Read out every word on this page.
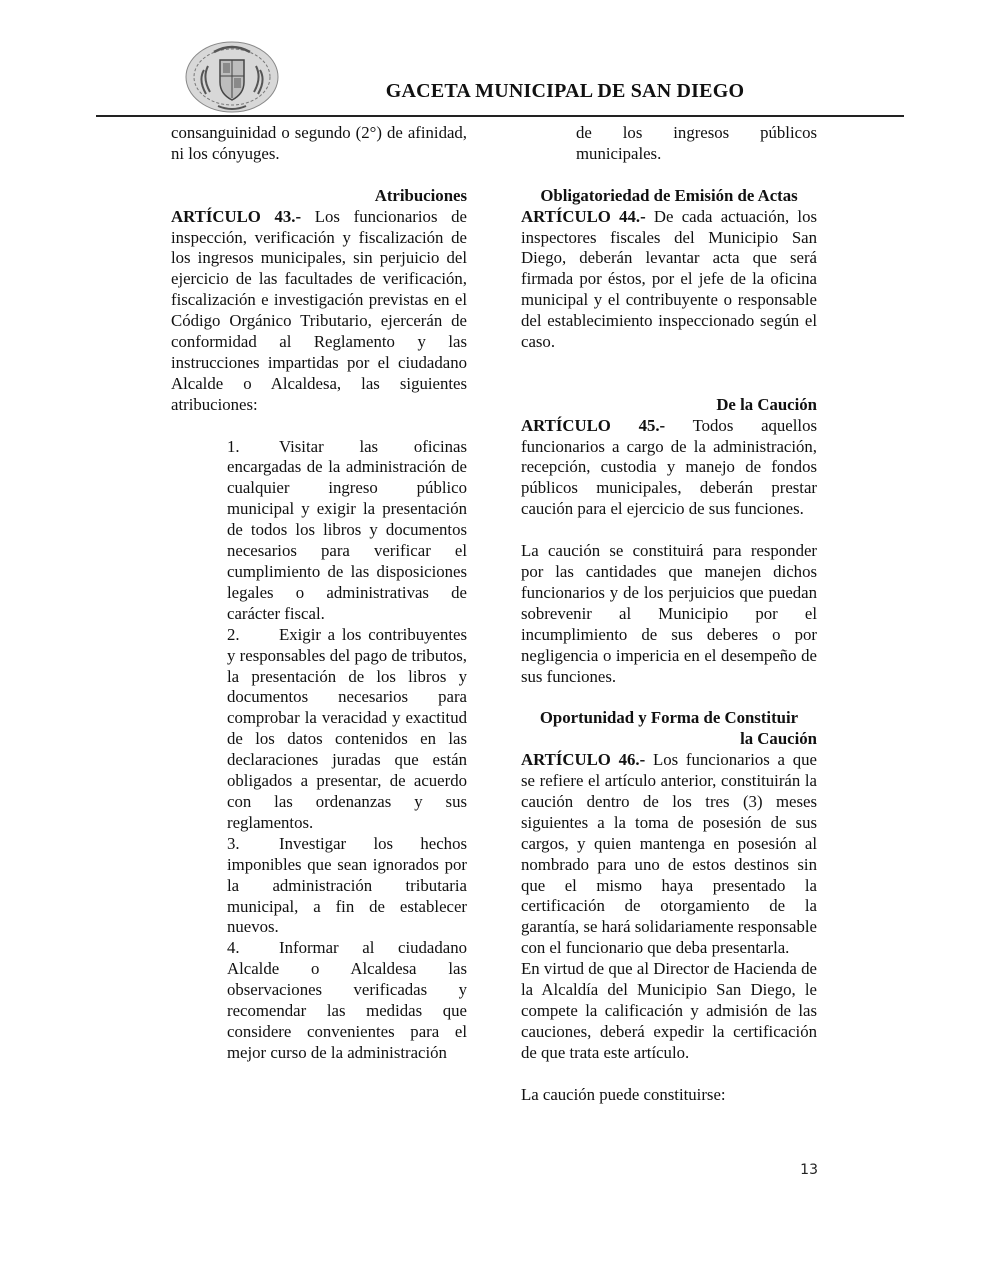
GACETA MUNICIPAL DE SAN DIEGO

consanguinidad o segundo (2°) de afinidad, ni los cónyuges.

Atribuciones

ARTÍCULO 43.- Los funcionarios de inspección, verificación y fiscalización de los ingresos municipales, sin perjuicio del ejercicio de las facultades de verificación, fiscalización e investigación previstas en el Código Orgánico Tributario, ejercerán de conformidad al Reglamento y las instrucciones impartidas por el ciudadano Alcalde o Alcaldesa, las siguientes atribuciones:

1. Visitar las oficinas encargadas de la administración de cualquier ingreso público municipal y exigir la presentación de todos los libros y documentos necesarios para verificar el cumplimiento de las disposiciones legales o administrativas de carácter fiscal.

2. Exigir a los contribuyentes y responsables del pago de tributos, la presentación de los libros y documentos necesarios para comprobar la veracidad y exactitud de los datos contenidos en las declaraciones juradas que están obligados a presentar, de acuerdo con las ordenanzas y sus reglamentos.

3. Investigar los hechos imponibles que sean ignorados por la administración tributaria municipal, a fin de establecer nuevos.

4. Informar al ciudadano Alcalde o Alcaldesa las observaciones verificadas y recomendar las medidas que considere convenientes para el mejor curso de la administración

de los ingresos públicos municipales.

Obligatoriedad de Emisión de Actas

ARTÍCULO 44.- De cada actuación, los inspectores fiscales del Municipio San Diego, deberán levantar acta que será firmada por éstos, por el jefe de la oficina municipal y el contribuyente o responsable del establecimiento inspeccionado según el caso.

De la Caución

ARTÍCULO 45.- Todos aquellos funcionarios a cargo de la administración, recepción, custodia y manejo de fondos públicos municipales, deberán prestar caución para el ejercicio de sus funciones.

La caución se constituirá para responder por las cantidades que manejen dichos funcionarios y de los perjuicios que puedan sobrevenir al Municipio por el incumplimiento de sus deberes o por negligencia o impericia en el desempeño de sus funciones.

Oportunidad y Forma de Constituir

la Caución

ARTÍCULO 46.- Los funcionarios a que se refiere el artículo anterior, constituirán la caución dentro de los tres (3) meses siguientes a la toma de posesión de sus cargos, y quien mantenga en posesión al nombrado para uno de estos destinos sin que el mismo haya presentado la certificación de otorgamiento de la garantía, se hará solidariamente responsable con el funcionario que deba presentarla.

En virtud de que al Director de Hacienda de la Alcaldía del Municipio San Diego, le compete la calificación y admisión de las cauciones, deberá expedir la certificación de que trata este artículo.

La caución puede constituirse:

13
